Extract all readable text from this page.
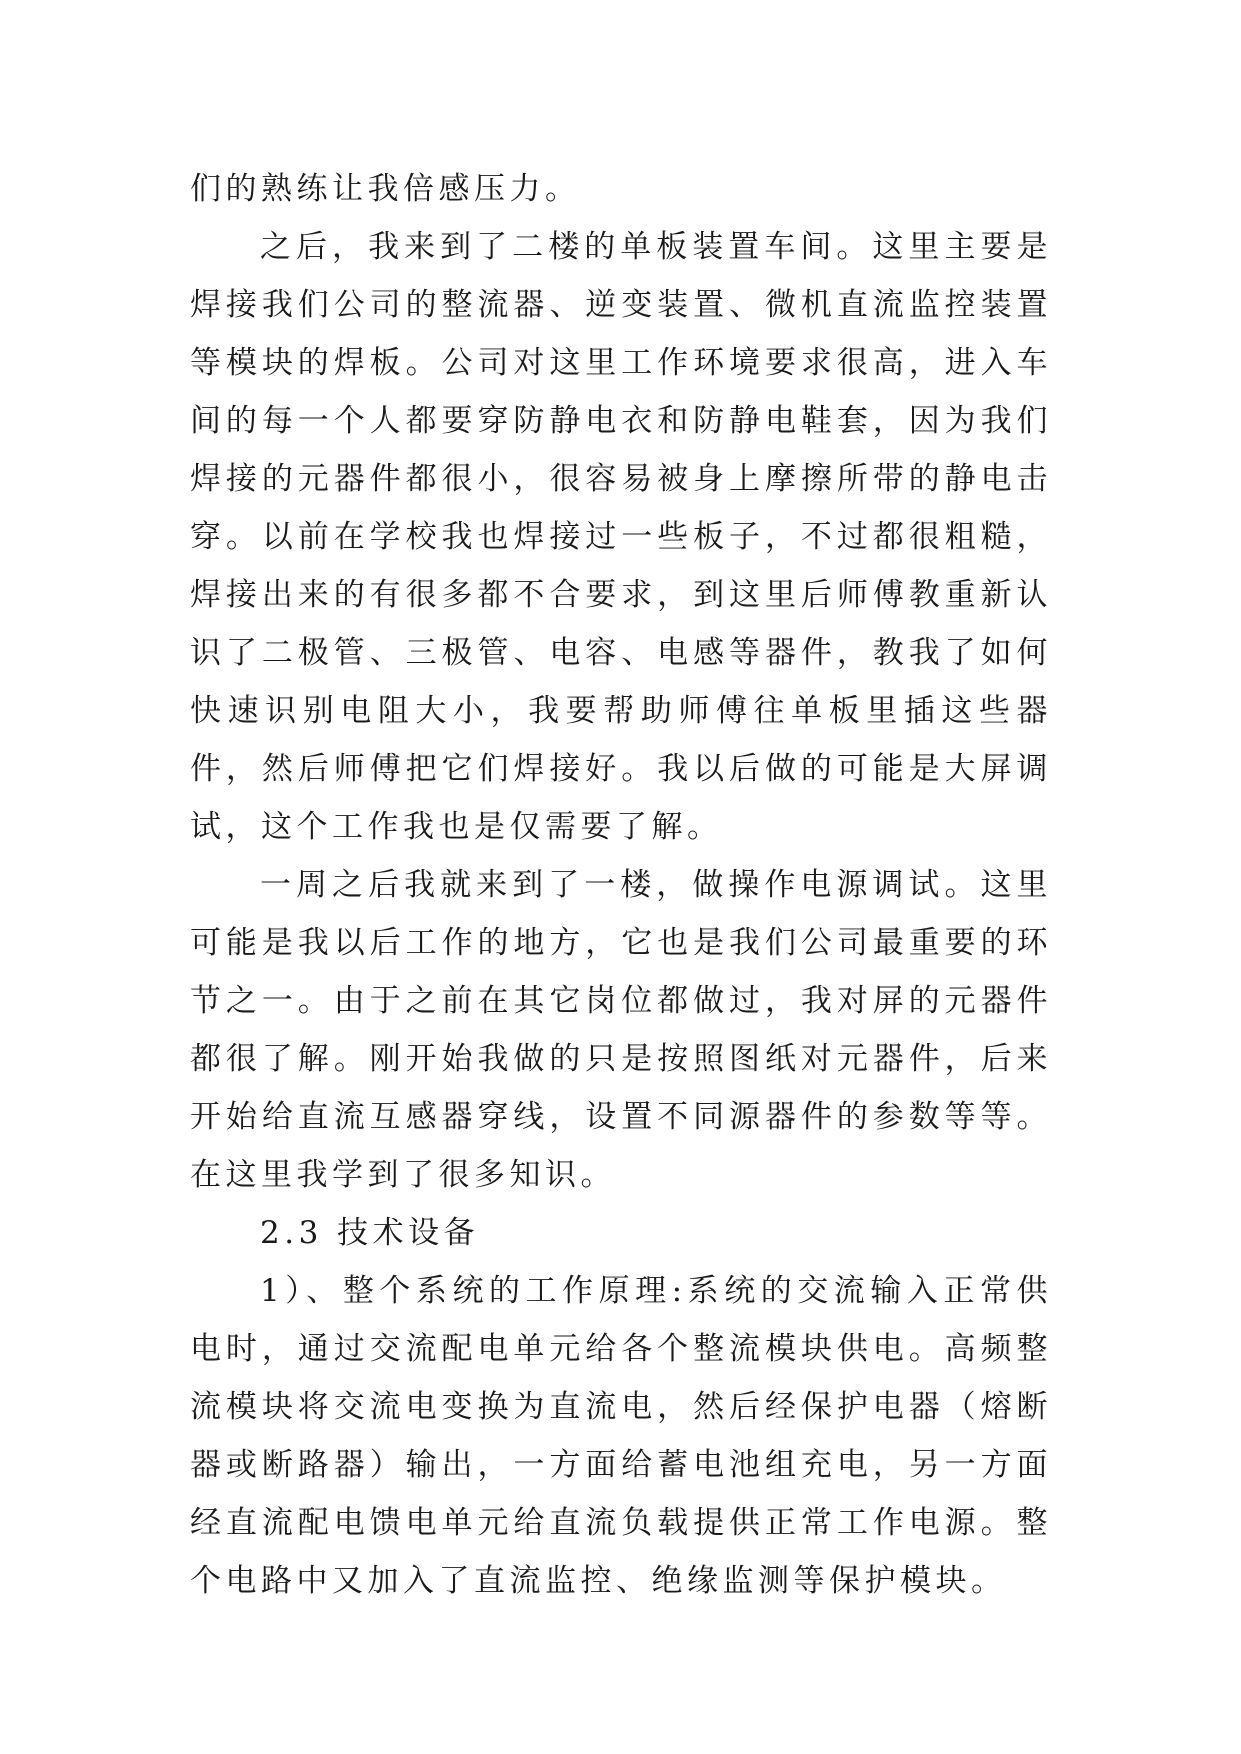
们的熟练让我倍感压力。

之后，我来到了二楼的单板装置车间。这里主要是焊接我们公司的整流器、逆变装置、微机直流监控装置等模块的焊板。公司对这里工作环境要求很高，进入车间的每一个人都要穿防静电衣和防静电鞋套，因为我们焊接的元器件都很小，很容易被身上摩擦所带的静电击穿。以前在学校我也焊接过一些板子，不过都很粗糙，焊接出来的有很多都不合要求，到这里后师傅教重新认识了二极管、三极管、电容、电感等器件，教我了如何快速识别电阻大小，我要帮助师傅往单板里插这些器件，然后师傅把它们焊接好。我以后做的可能是大屏调试，这个工作我也是仅需要了解。

一周之后我就来到了一楼，做操作电源调试。这里可能是我以后工作的地方，它也是我们公司最重要的环节之一。由于之前在其它岗位都做过，我对屏的元器件都很了解。刚开始我做的只是按照图纸对元器件，后来开始给直流互感器穿线，设置不同源器件的参数等等。在这里我学到了很多知识。

2.3 技术设备

1）、整个系统的工作原理:系统的交流输入正常供电时，通过交流配电单元给各个整流模块供电。高频整流模块将交流电变换为直流电，然后经保护电器（熔断器或断路器）输出，一方面给蓄电池组充电，另一方面经直流配电馈电单元给直流负载提供正常工作电源。整个电路中又加入了直流监控、绝缘监测等保护模块。
